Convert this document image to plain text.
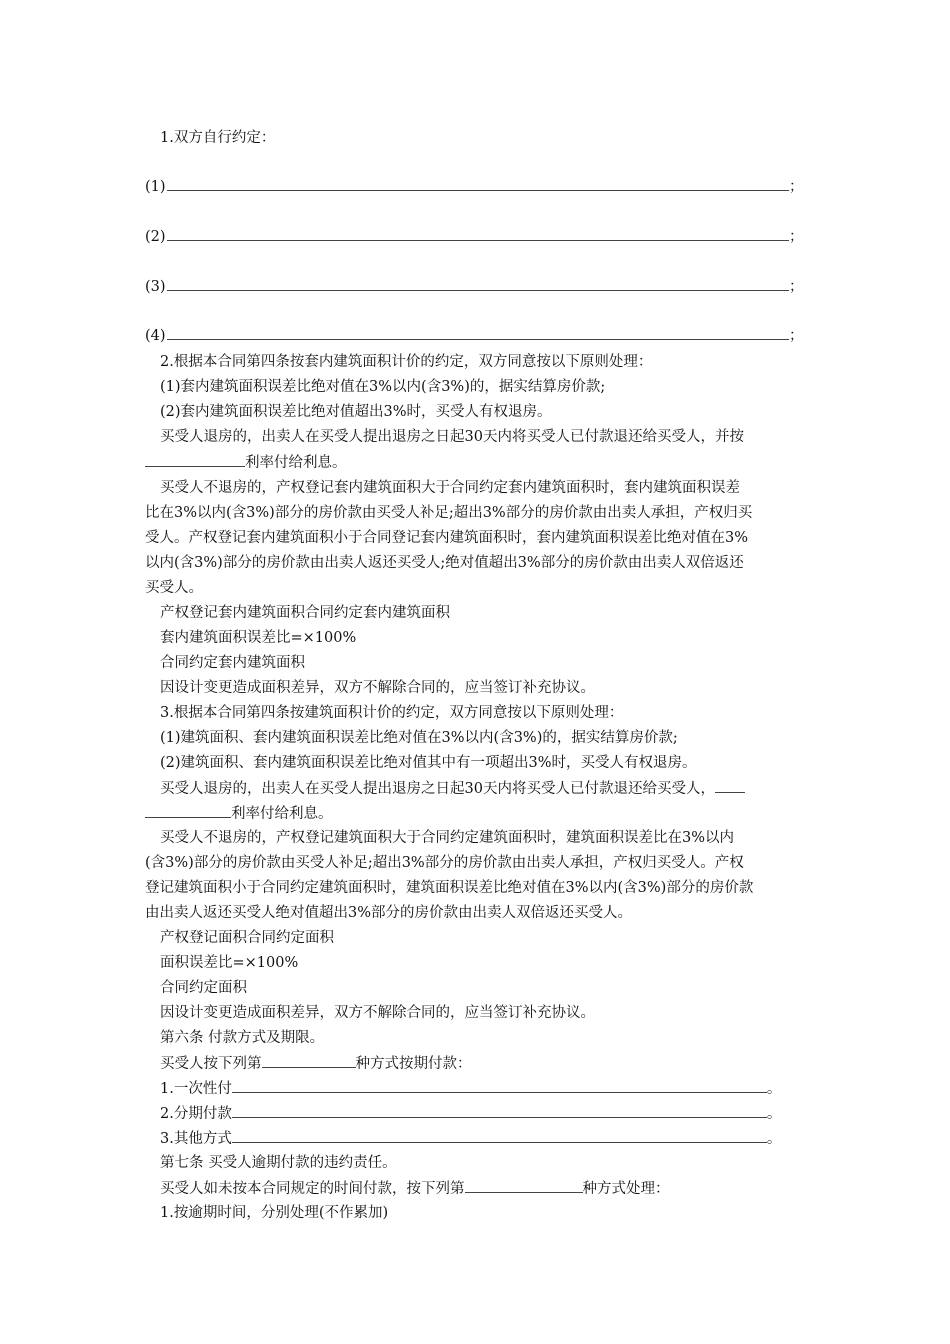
1.双方自行约定：
(1)	；
(2)	；
(3)	；
(4)	；
2.根据本合同第四条按套内建筑面积计价的约定，双方同意按以下原则处理：
(1)套内建筑面积误差比绝对值在3%以内(含3%)的，据实结算房价款;
(2)套内建筑面积误差比绝对值超出3%时，买受人有权退房。
买受人退房的，出卖人在买受人提出退房之日起30天内将买受人已付款退还给买受人，并按
利率付给利息。
买受人不退房的，产权登记套内建筑面积大于合同约定套内建筑面积时，套内建筑面积误差
比在3%以内(含3%)部分的房价款由买受人补足;超出3%部分的房价款由出卖人承担，产权归买
受人。产权登记套内建筑面积小于合同登记套内建筑面积时，套内建筑面积误差比绝对值在3%
以内(含3%)部分的房价款由出卖人返还买受人;绝对值超出3%部分的房价款由出卖人双倍返还
买受人。
产权登记套内建筑面积合同约定套内建筑面积
套内建筑面积误差比=×100%
合同约定套内建筑面积
因设计变更造成面积差异，双方不解除合同的，应当签订补充协议。
3.根据本合同第四条按建筑面积计价的约定，双方同意按以下原则处理：
(1)建筑面积、套内建筑面积误差比绝对值在3%以内(含3%)的，据实结算房价款;
(2)建筑面积、套内建筑面积误差比绝对值其中有一项超出3%时，买受人有权退房。
买受人退房的，出卖人在买受人提出退房之日起30天内将买受人已付款退还给买受人，
利率付给利息。
买受人不退房的，产权登记建筑面积大于合同约定建筑面积时，建筑面积误差比在3%以内
(含3%)部分的房价款由买受人补足;超出3%部分的房价款由出卖人承担，产权归买受人。产权
登记建筑面积小于合同约定建筑面积时，建筑面积误差比绝对值在3%以内(含3%)部分的房价款
由出卖人返还买受人绝对值超出3%部分的房价款由出卖人双倍返还买受人。
产权登记面积合同约定面积
面积误差比=×100%
合同约定面积
因设计变更造成面积差异，双方不解除合同的，应当签订补充协议。
第六条 付款方式及期限。
买受人按下列第	种方式按期付款：
1.一次性付	。
2.分期付款	。
3.其他方式	。
第七条 买受人逾期付款的违约责任。
买受人如未按本合同规定的时间付款，按下列第	种方式处理：
1.按逾期时间，分别处理(不作累加)
